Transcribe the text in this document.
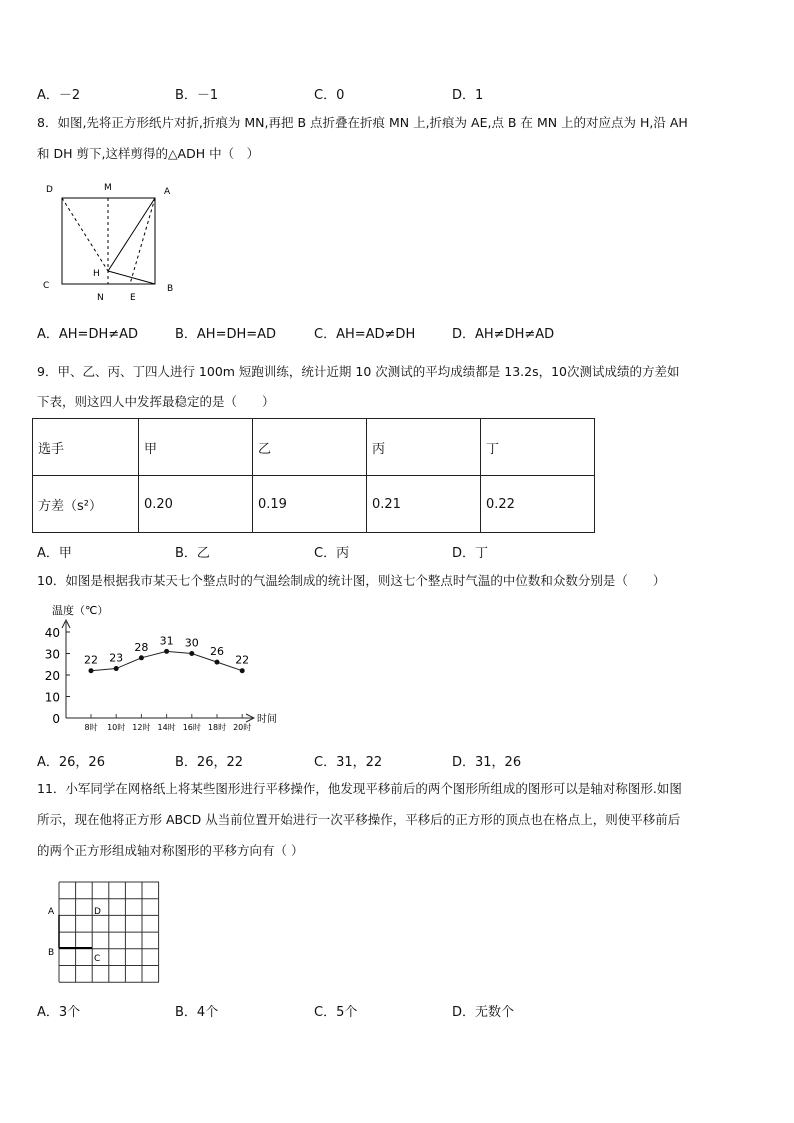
A．－2	B．－1	C．0	D．1
8．如图,先将正方形纸片对折,折痕为 MN,再把 B 点折叠在折痕 MN 上,折痕为 AE,点 B 在 MN 上的对应点为 H,沿 AH
和 DH 剪下,这样剪得的△ADH 中（　）
D	M	A
H
C
N	E
B
A．AH=DH≠AD	B．AH=DH=AD	C．AH=AD≠DH	D．AH≠DH≠AD
9．甲、乙、丙、丁四人进行 100m 短跑训练，统计近期 10 次测试的平均成绩都是 13.2s，10次测试成绩的方差如
下表，则这四人中发挥最稳定的是（　　）
选手	甲	乙	丙	丁
方差（s²）	0.20	0.19	0.21	0.22
A．甲	B．乙	C．丙	D．丁
10．如图是根据我市某天七个整点时的气温绘制成的统计图，则这七个整点时气温的中位数和众数分别是（　　）
温度（℃）
时间
0
10
20
30
40
22
8时
23
10时
28
12时
31
14时
30
16时
26
18时
22
20时
A．26，26	B．26，22	C．31，22	D．31，26
11．小军同学在网格纸上将某些图形进行平移操作，他发现平移前后的两个图形所组成的图形可以是轴对称图形.如图
所示，现在他将正方形 ABCD 从当前位置开始进行一次平移操作，平移后的正方形的顶点也在格点上，则使平移前后
的两个正方形组成轴对称图形的平移方向有（ ）
A	D
B
C
A．3个	B．4个	C．5个	D．无数个
